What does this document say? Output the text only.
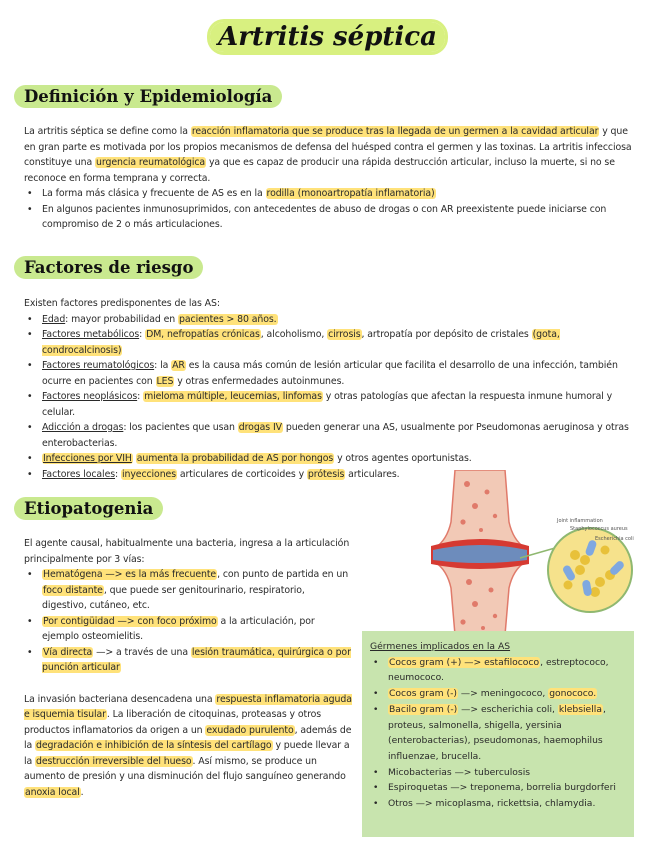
Artritis séptica
Definición y Epidemiología

La artritis séptica se define como la reacción inflamatoria que se produce tras la llegada de un germen a la cavidad articular y que en gran parte es motivada por los propios mecanismos de defensa del huésped contra el germen y las toxinas. La artritis infecciosa constituye una urgencia reumatológica ya que es capaz de producir una rápida destrucción articular, incluso la muerte, si no se reconoce en forma temprana y correcta.

• La forma más clásica y frecuente de AS es en la rodilla (monoartropatía inflamatoria)
• En algunos pacientes inmunosuprimidos, con antecedentes de abuso de drogas o con AR preexistente puede iniciarse con compromiso de 2 o más articulaciones.
Factores de riesgo

Existen factores predisponentes de las AS:

• Edad: mayor probabilidad en pacientes > 80 años.
• Factores metabólicos: DM, nefropatías crónicas, alcoholismo, cirrosis, artropatía por depósito de cristales (gota, condrocalcinosis)
• Factores reumatológicos: la AR es la causa más común de lesión articular que facilita el desarrollo de una infección, también ocurre en pacientes con LES y otras enfermedades autoinmunes.
• Factores neoplásicos: mieloma múltiple, leucemias, linfomas y otras patologías que afectan la respuesta inmune humoral y celular.
• Adicción a drogas: los pacientes que usan drogas IV pueden generar una AS, usualmente por Pseudomonas aeruginosa y otras enterobacterias.
• Infecciones por VIH aumenta la probabilidad de AS por hongos y otros agentes oportunistas.
• Factores locales: inyecciones articulares de corticoides y prótesis articulares.
Etiopatogenia

El agente causal, habitualmente una bacteria, ingresa a la articulación principalmente por 3 vías:

• Hematógena —> es la más frecuente, con punto de partida en un foco distante, que puede ser genitourinario, respiratorio, digestivo, cutáneo, etc.
• Por contigüidad —> con foco próximo a la articulación, por ejemplo osteomielitis.
• Vía directa —> a través de una lesión traumática, quirúrgica o por punción articular

La invasión bacteriana desencadena una respuesta inflamatoria aguda e isquemia tisular. La liberación de citoquinas, proteasas y otros productos inflamatorios da origen a un exudado purulento, además de la degradación e inhibición de la síntesis del cartílago y puede llevar a la destrucción irreversible del hueso. Así mismo, se produce un aumento de presión y una disminución del flujo sanguíneo generando anoxia local.

Joint inflammation
Staphylococcus aureus
Escherichia coli
Gérmenes implicados en la AS
• Cocos gram (+) —> estafilococo, estreptococo, neumococo.
• Cocos gram (-) —> meningococo, gonococo.
• Bacilo gram (-) —> escherichia coli, klebsiella, proteus, salmonella, shigella, yersinia (enterobacterias), pseudomonas, haemophilus influenzae, brucella.
• Micobacterias —> tuberculosis
• Espiroquetas —> treponema, borrelia burgdorferi
• Otros —> micoplasma, rickettsia, chlamydia.
